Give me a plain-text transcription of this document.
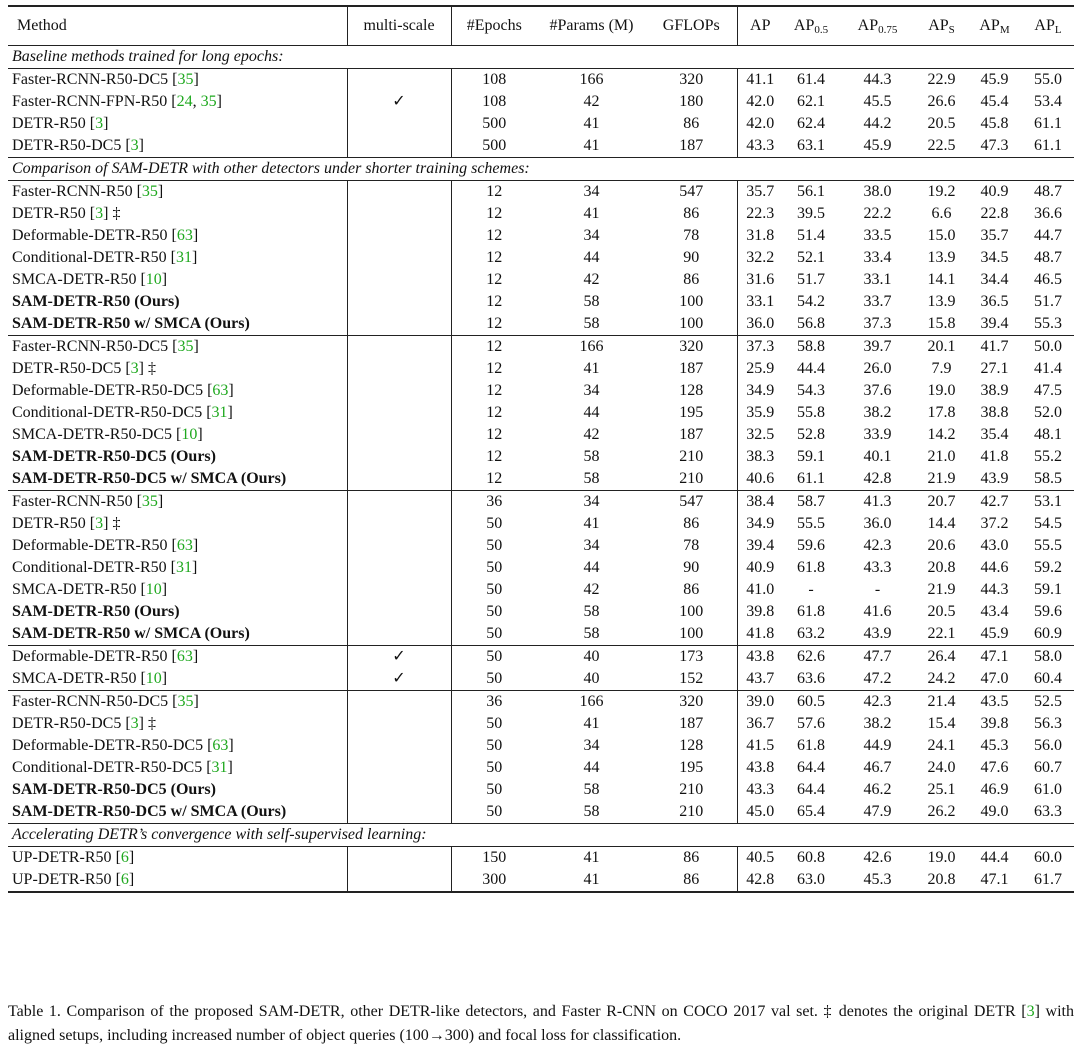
Method	multi-scale	#Epochs	#Params (M)	GFLOPs	AP	$AP_{0.5}$	$AP_{0.75}$	$AP_S$	$AP_M$	$AP_L$
Baseline methods trained for long epochs:										
Faster-RCNN-R50-DC5 [35]		108	166	320	41.1	61.4	44.3	22.9	45.9	55.0
Faster-RCNN-FPN-R50 [24, 35]	✓	108	42	180	42.0	62.1	45.5	26.6	45.4	53.4
DETR-R50 [3]		500	41	86	42.0	62.4	44.2	20.5	45.8	61.1
DETR-R50-DC5 [3]		500	41	187	43.3	63.1	45.9	22.5	47.3	61.1
Comparison of SAM-DETR with other detectors under shorter training schemes:										
Faster-RCNN-R50 [35]		12	34	547	35.7	56.1	38.0	19.2	40.9	48.7
DETR-R50 [3] ‡		12	41	86	22.3	39.5	22.2	6.6	22.8	36.6
Deformable-DETR-R50 [63]		12	34	78	31.8	51.4	33.5	15.0	35.7	44.7
Conditional-DETR-R50 [31]		12	44	90	32.2	52.1	33.4	13.9	34.5	48.7
SMCA-DETR-R50 [10]		12	42	86	31.6	51.7	33.1	14.1	34.4	46.5
SAM-DETR-R50 (Ours)		12	58	100	33.1	54.2	33.7	13.9	36.5	51.7
SAM-DETR-R50 w/ SMCA (Ours)		12	58	100	36.0	56.8	37.3	15.8	39.4	55.3
Faster-RCNN-R50-DC5 [35]		12	166	320	37.3	58.8	39.7	20.1	41.7	50.0
DETR-R50-DC5 [3] ‡		12	41	187	25.9	44.4	26.0	7.9	27.1	41.4
Deformable-DETR-R50-DC5 [63]		12	34	128	34.9	54.3	37.6	19.0	38.9	47.5
Conditional-DETR-R50-DC5 [31]		12	44	195	35.9	55.8	38.2	17.8	38.8	52.0
SMCA-DETR-R50-DC5 [10]		12	42	187	32.5	52.8	33.9	14.2	35.4	48.1
SAM-DETR-R50-DC5 (Ours)		12	58	210	38.3	59.1	40.1	21.0	41.8	55.2
SAM-DETR-R50-DC5 w/ SMCA (Ours)		12	58	210	40.6	61.1	42.8	21.9	43.9	58.5
Faster-RCNN-R50 [35]		36	34	547	38.4	58.7	41.3	20.7	42.7	53.1
DETR-R50 [3] ‡		50	41	86	34.9	55.5	36.0	14.4	37.2	54.5
Deformable-DETR-R50 [63]		50	34	78	39.4	59.6	42.3	20.6	43.0	55.5
Conditional-DETR-R50 [31]		50	44	90	40.9	61.8	43.3	20.8	44.6	59.2
SMCA-DETR-R50 [10]		50	42	86	41.0	-	-	21.9	44.3	59.1
SAM-DETR-R50 (Ours)		50	58	100	39.8	61.8	41.6	20.5	43.4	59.6
SAM-DETR-R50 w/ SMCA (Ours)		50	58	100	41.8	63.2	43.9	22.1	45.9	60.9
Deformable-DETR-R50 [63]	✓	50	40	173	43.8	62.6	47.7	26.4	47.1	58.0
SMCA-DETR-R50 [10]	✓	50	40	152	43.7	63.6	47.2	24.2	47.0	60.4
Faster-RCNN-R50-DC5 [35]		36	166	320	39.0	60.5	42.3	21.4	43.5	52.5
DETR-R50-DC5 [3] ‡		50	41	187	36.7	57.6	38.2	15.4	39.8	56.3
Deformable-DETR-R50-DC5 [63]		50	34	128	41.5	61.8	44.9	24.1	45.3	56.0
Conditional-DETR-R50-DC5 [31]		50	44	195	43.8	64.4	46.7	24.0	47.6	60.7
SAM-DETR-R50-DC5 (Ours)		50	58	210	43.3	64.4	46.2	25.1	46.9	61.0
SAM-DETR-R50-DC5 w/ SMCA (Ours)		50	58	210	45.0	65.4	47.9	26.2	49.0	63.3
Accelerating DETR’s convergence with self-supervised learning:										
UP-DETR-R50 [6]		150	41	86	40.5	60.8	42.6	19.0	44.4	60.0
UP-DETR-R50 [6]		300	41	86	42.8	63.0	45.3	20.8	47.1	61.7
Table 1. Comparison of the proposed SAM-DETR, other DETR-like detectors, and Faster R-CNN on COCO 2017 val set. ‡ denotes the original DETR [3] with aligned setups, including increased number of object queries (100→300) and focal loss for classification.
